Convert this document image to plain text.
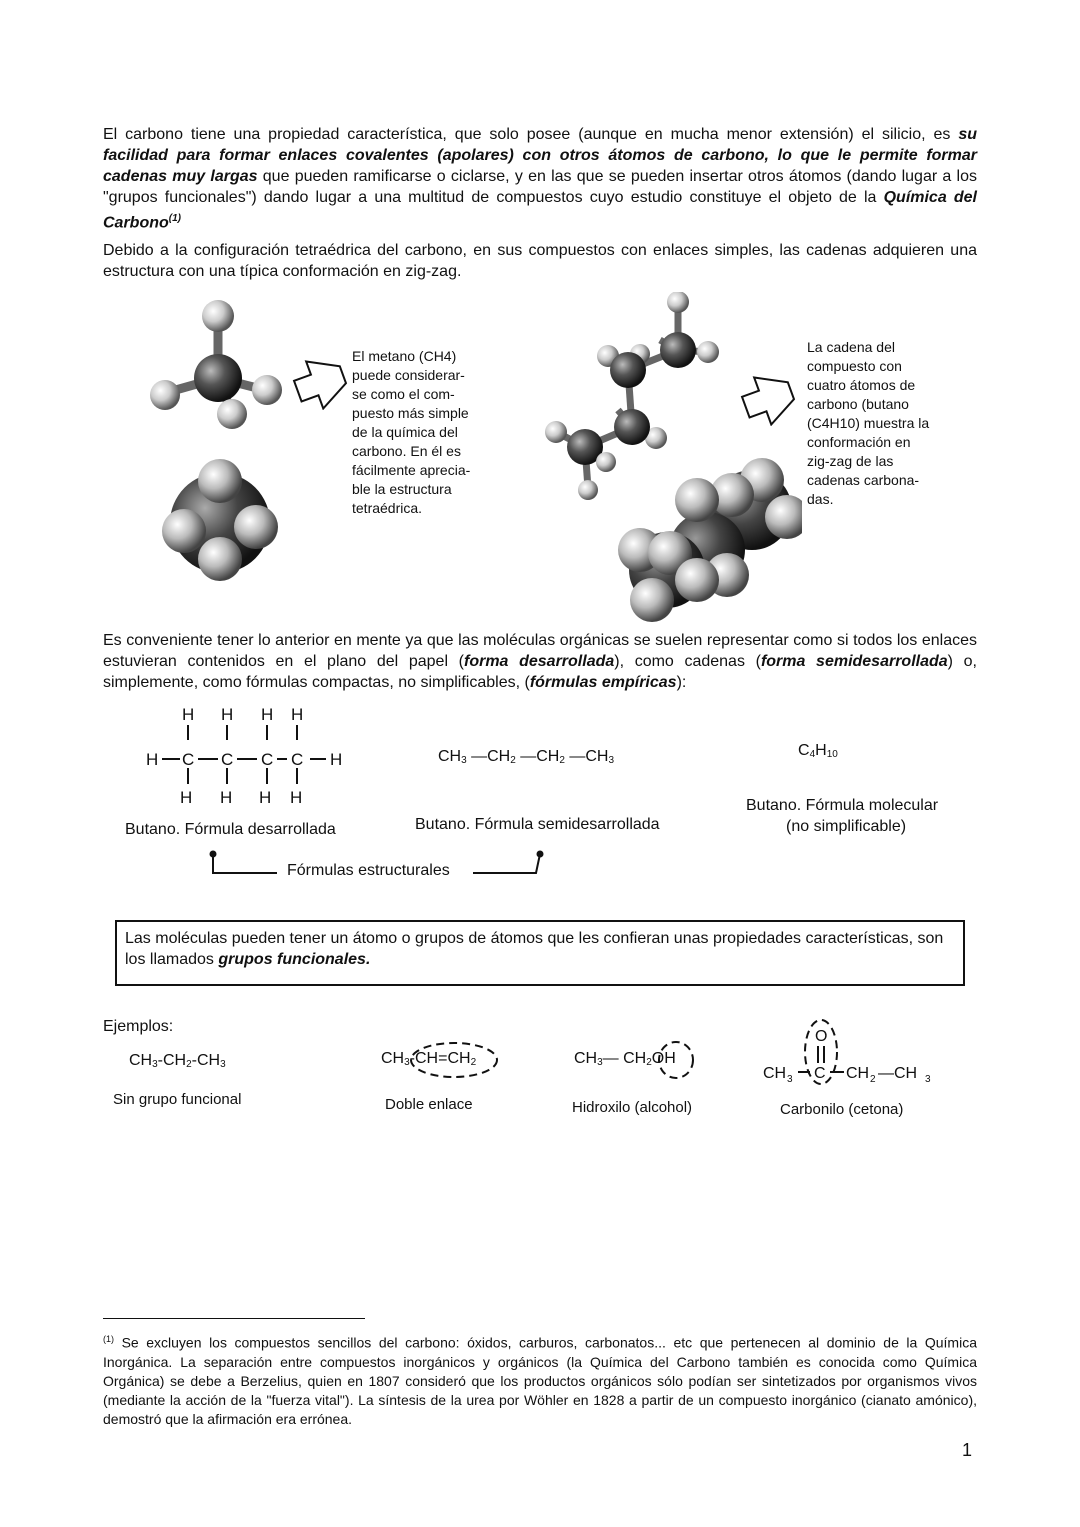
El carbono tiene una propiedad característica, que solo posee (aunque en mucha menor extensión) el silicio, es su facilidad para formar enlaces covalentes (apolares) con otros átomos de carbono, lo que le permite formar cadenas muy largas que pueden ramificarse o ciclarse, y en las que se pueden insertar otros átomos (dando lugar a los "grupos funcionales") dando lugar a una multitud de compuestos cuyo estudio constituye el objeto de la Química del Carbono$^{(1)}$
Debido a la configuración tetraédrica del carbono, en sus compuestos con enlaces simples, las cadenas adquieren una estructura con una típica conformación en zig-zag.
El metano (CH4)
puede considerar-
se como el com-
puesto más simple
de la química del
carbono. En él es
fácilmente aprecia-
ble la estructura
tetraédrica.
La cadena del
compuesto con
cuatro átomos de
carbono (butano
(C4H10) muestra la
conformación en
zig-zag de las
cadenas carbona-
das.
Es conveniente tener lo anterior en mente ya que las moléculas orgánicas se suelen representar como si todos los enlaces estuvieran contenidos en el plano del papel (forma desarrollada), como cadenas (forma semidesarrollada) o, simplemente, como fórmulas compactas, no simplificables, (fórmulas empíricas):
H H H H
H C C C C H
H H H H
$CH_3$ $—CH_2$ $—CH_2$ $—CH_3$
$C_4H_{10}$
Butano. Fórmula desarrollada	Butano. Fórmula semidesarrollada
Butano. Fórmula molecular
(no simplificable)
Fórmulas estructurales
Las moléculas pueden tener un átomo o grupos de átomos que les confieran unas propiedades características, son los llamados grupos funcionales.
Ejemplos:
$CH_3-CH_2-CH_3$
Sin grupo funcional
$CH_3-CH=CH_2$
Doble enlace
$CH_3—$ $CH_2OH$
Hidroxilo (alcohol)
CH 3 C CH 2 —CH 3
O
Carbonilo (cetona)
$^{(1)}$ Se excluyen los compuestos sencillos del carbono: óxidos, carburos, carbonatos... etc que pertenecen al dominio de la Química Inorgánica. La separación entre compuestos inorgánicos y orgánicos (la Química del Carbono también es conocida como Química Orgánica) se debe a Berzelius, quien en 1807 consideró que los productos orgánicos sólo podían ser sintetizados por organismos vivos (mediante la acción de la "fuerza vital"). La síntesis de la urea por Wöhler en 1828 a partir de un compuesto inorgánico (cianato amónico), demostró que la afirmación era errónea.
1
